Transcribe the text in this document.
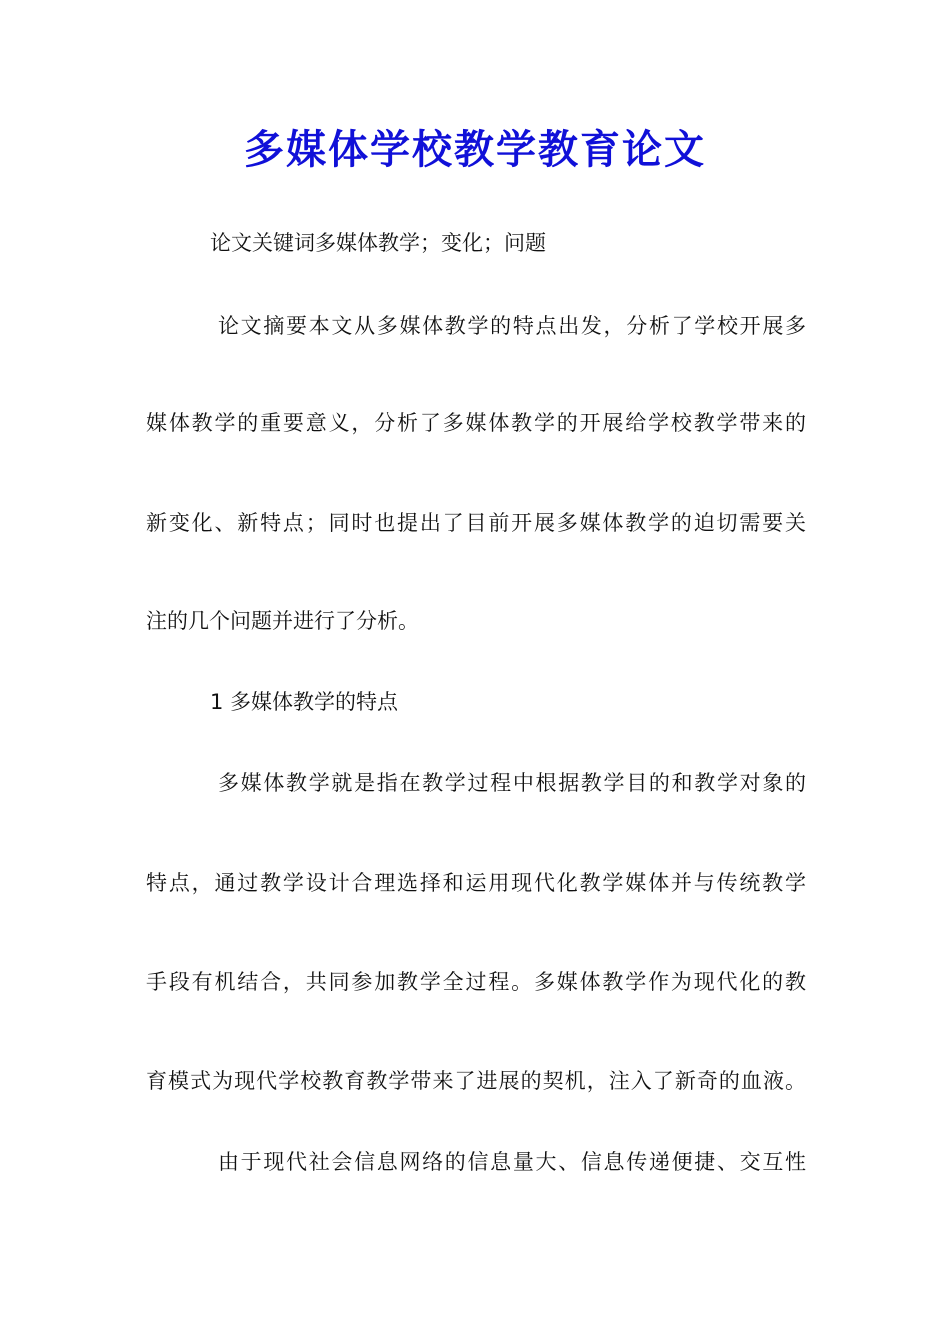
多媒体学校教学教育论文
论文关键词多媒体教学；变化；问题
论文摘要本文从多媒体教学的特点出发，分析了学校开展多
媒体教学的重要意义，分析了多媒体教学的开展给学校教学带来的
新变化、新特点；同时也提出了目前开展多媒体教学的迫切需要关
注的几个问题并进行了分析。
1 多媒体教学的特点
多媒体教学就是指在教学过程中根据教学目的和教学对象的
特点，通过教学设计合理选择和运用现代化教学媒体并与传统教学
手段有机结合，共同参加教学全过程。多媒体教学作为现代化的教
育模式为现代学校教育教学带来了进展的契机，注入了新奇的血液。
由于现代社会信息网络的信息量大、信息传递便捷、交互性
